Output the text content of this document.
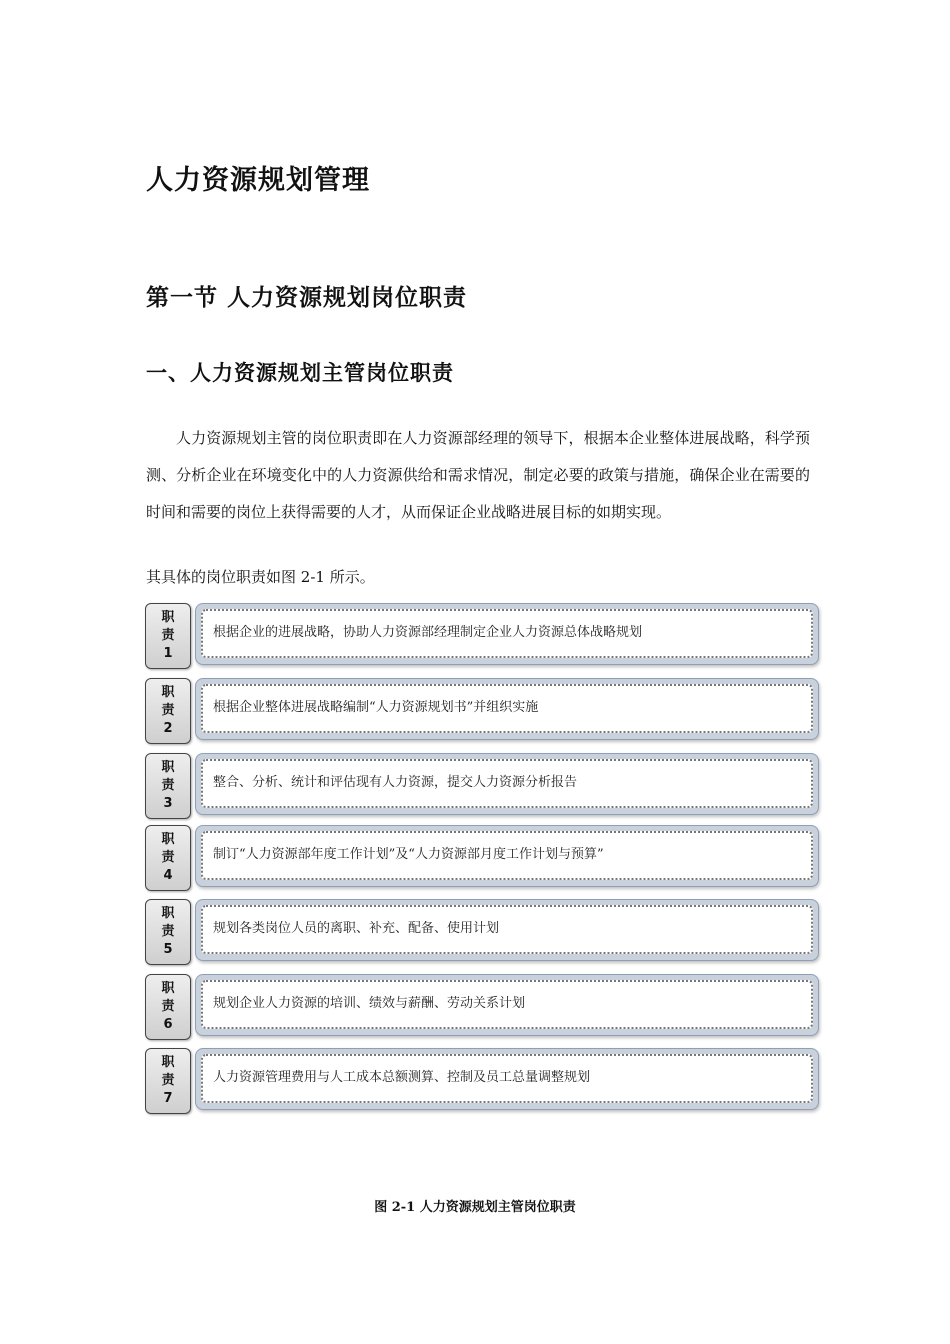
人力资源规划管理
第一节 人力资源规划岗位职责
一、人力资源规划主管岗位职责
人力资源规划主管的岗位职责即在人力资源部经理的领导下，根据本企业整体进展战略，科学预测、分析企业在环境变化中的人力资源供给和需求情况，制定必要的政策与措施，确保企业在需要的时间和需要的岗位上获得需要的人才，从而保证企业战略进展目标的如期实现。
其具体的岗位职责如图 2-1 所示。
职
责
1
根据企业的进展战略，协助人力资源部经理制定企业人力资源总体战略规划
职
责
2
根据企业整体进展战略编制“人力资源规划书”并组织实施
职
责
3
整合、分析、统计和评估现有人力资源，提交人力资源分析报告
职
责
4
制订“人力资源部年度工作计划”及“人力资源部月度工作计划与预算”
职
责
5
规划各类岗位人员的离职、补充、配备、使用计划
职
责
6
规划企业人力资源的培训、绩效与薪酬、劳动关系计划
职
责
7
人力资源管理费用与人工成本总额测算、控制及员工总量调整规划
图 2-1 人力资源规划主管岗位职责
